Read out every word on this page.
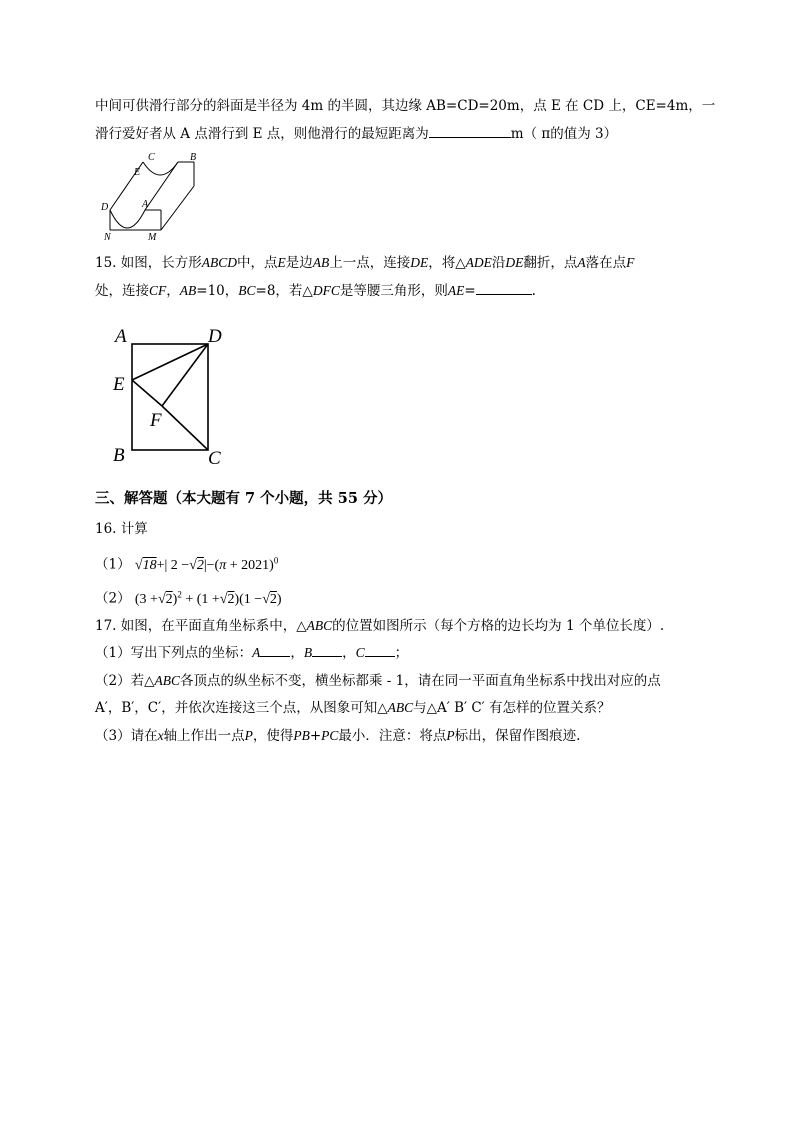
中间可供滑行部分的斜面是半径为 4m 的半圆，其边缘 AB=CD=20m，点 E 在 CD 上，CE=4m，一
滑行爱好者从 A 点滑行到 E 点，则他滑行的最短距离为	m（ π的值为 3）
C	B
E
D	A
N	M
15. 如图，长方形ABCD中，点E是边AB上一点，连接DE，将△ADE沿DE翻折，点A落在点F
处，连接CF，AB=10，BC=8，若△DFC是等腰三角形，则AE=	.
A	D
E
F
B	C
三、解答题（本大题有 7 个小题，共 55 分）
16. 计算
（1） √18+| $2 -√2|-(\pi + 2021)^0$
（2） $(3 +√2)^2 + (1 +√2)(1 -√2)$
17. 如图，在平面直角坐标系中，△ABC的位置如图所示（每个方格的边长均为 1 个单位长度）.
（1）写出下列点的坐标：A ，B ，C ；
（2）若△ABC各顶点的纵坐标不变，横坐标都乘 - 1，请在同一平面直角坐标系中找出对应的点
A′，B′，C′，并依次连接这三个点，从图象可知△ABC与△A′ B′ C′ 有怎样的位置关系？
（3）请在x轴上作出一点P，使得PB+PC最小．注意：将点P标出，保留作图痕迹.
